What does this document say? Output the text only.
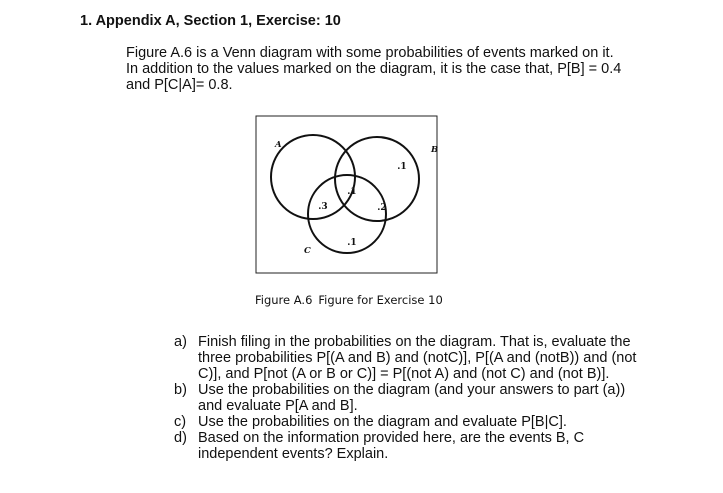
1. Appendix A, Section 1, Exercise: 10

Figure A.6 is a Venn diagram with some probabilities of events marked on it.
In addition to the values marked on the diagram, it is the case that, P[B] = 0.4
and P[C|A]= 0.8.

A	B
C
.1
.1
.3	.2
.1
Figure A.6 Figure for Exercise 10
a) Finish filing in the probabilities on the diagram. That is, evaluate the
three probabilities P[(A and B) and (notC)], P[(A and (notB)) and (not
C)], and P[not (A or B or C)] = P[(not A) and (not C) and (not B)].
b) Use the probabilities on the diagram (and your answers to part (a))
and evaluate P[A and B].
c) Use the probabilities on the diagram and evaluate P[B|C].
d) Based on the information provided here, are the events B, C
independent events? Explain.
